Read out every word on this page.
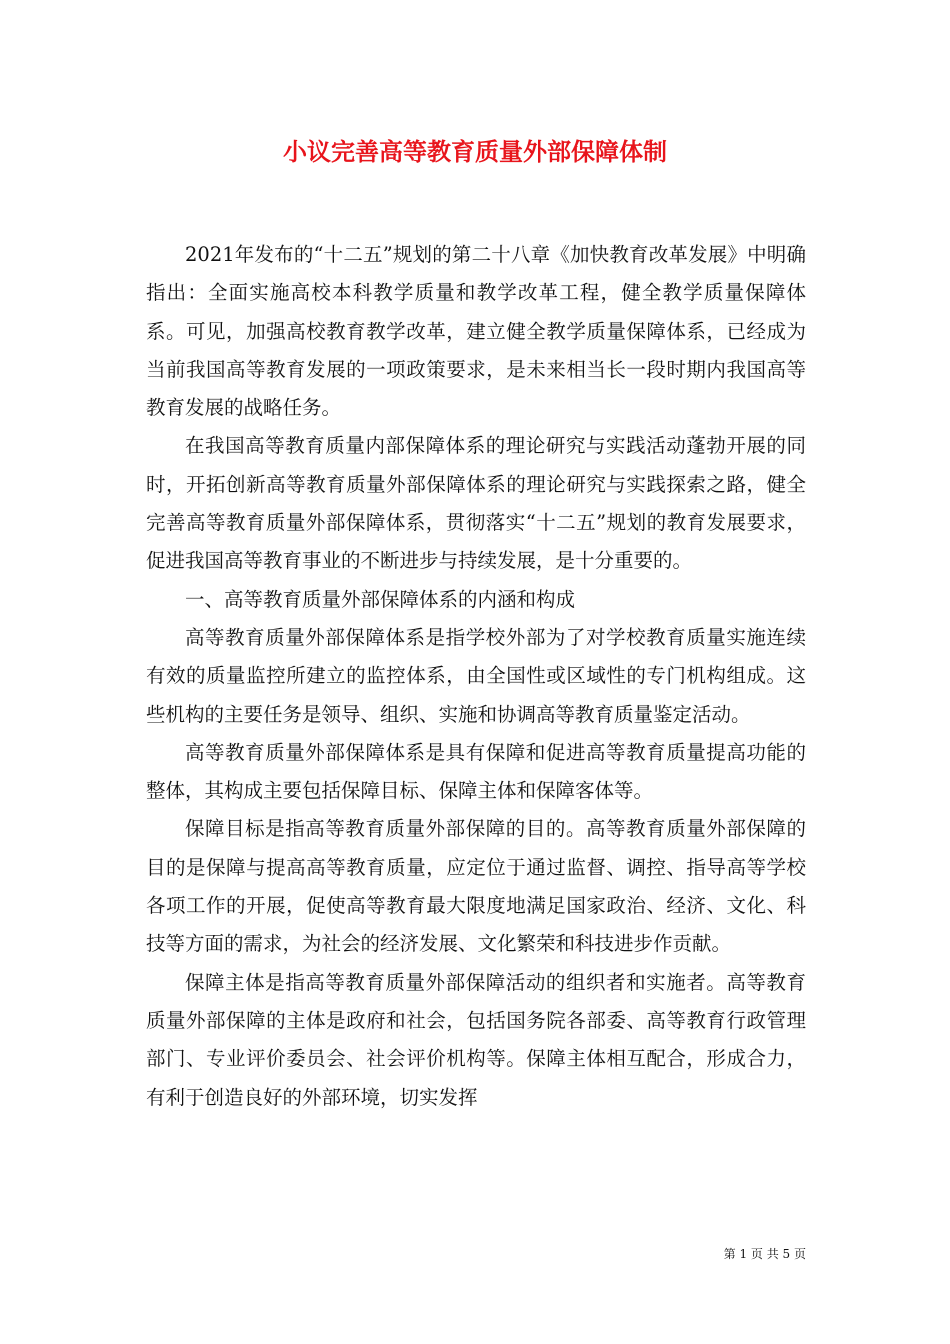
小议完善高等教育质量外部保障体制

2021年发布的“十二五”规划的第二十八章《加快教育改革发展》中明确指出：全面实施高校本科教学质量和教学改革工程，健全教学质量保障体系。可见，加强高校教育教学改革，建立健全教学质量保障体系，已经成为当前我国高等教育发展的一项政策要求，是未来相当长一段时期内我国高等教育发展的战略任务。

在我国高等教育质量内部保障体系的理论研究与实践活动蓬勃开展的同时，开拓创新高等教育质量外部保障体系的理论研究与实践探索之路，健全完善高等教育质量外部保障体系，贯彻落实“十二五”规划的教育发展要求，促进我国高等教育事业的不断进步与持续发展，是十分重要的。

一、高等教育质量外部保障体系的内涵和构成

高等教育质量外部保障体系是指学校外部为了对学校教育质量实施连续有效的质量监控所建立的监控体系，由全国性或区域性的专门机构组成。这些机构的主要任务是领导、组织、实施和协调高等教育质量鉴定活动。

高等教育质量外部保障体系是具有保障和促进高等教育质量提高功能的整体，其构成主要包括保障目标、保障主体和保障客体等。

保障目标是指高等教育质量外部保障的目的。高等教育质量外部保障的目的是保障与提高高等教育质量，应定位于通过监督、调控、指导高等学校各项工作的开展，促使高等教育最大限度地满足国家政治、经济、文化、科技等方面的需求，为社会的经济发展、文化繁荣和科技进步作贡献。

保障主体是指高等教育质量外部保障活动的组织者和实施者。高等教育质量外部保障的主体是政府和社会，包括国务院各部委、高等教育行政管理部门、专业评价委员会、社会评价机构等。保障主体相互配合，形成合力，有利于创造良好的外部环境，切实发挥

第 1 页 共 5 页
